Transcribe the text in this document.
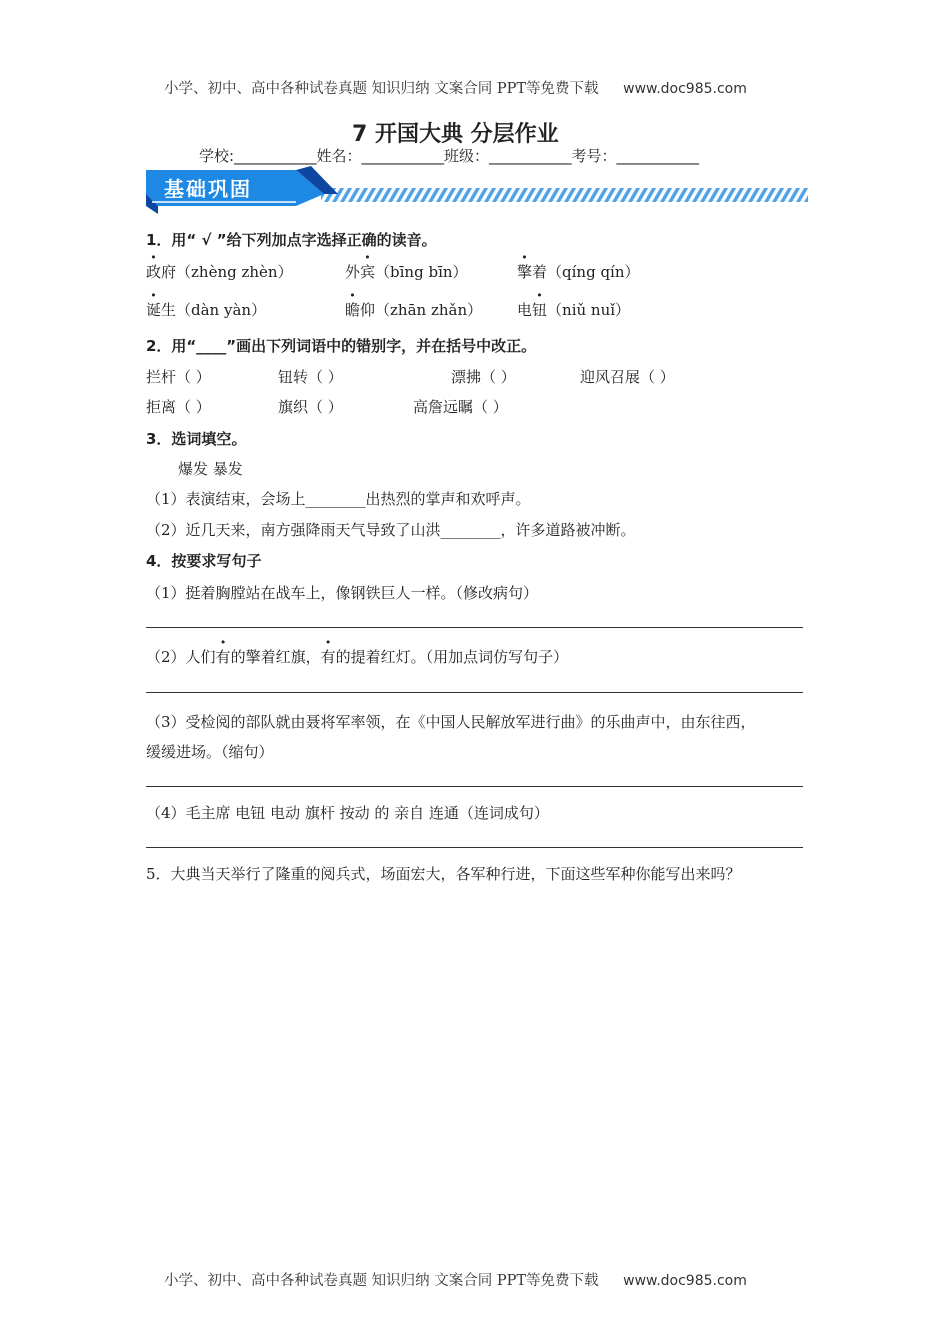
小学、初中、高中各种试卷真题 知识归纳 文案合同 PPT等免费下载 www.doc985.com
7 开国大典 分层作业
学校:___________姓名：___________班级：___________考号：___________
基础巩固
1．用“ √ ”给下列加点字选择正确的读音。
政府（zhèng zhèn）	外宾（bīng bīn）	擎着（qíng qín）
诞生（dàn yàn）	瞻仰（zhān zhǎn） 电钮（niǔ nuǐ）
2．用“____”画出下列词语中的错别字，并在括号中改正。
拦杆（ ）	钮转（ ）	漂拂（ ）	迎风召展（ ）
拒离（ ）	旗织（ ）	高詹远瞩（ ）
3．选词填空。
爆发 暴发
（1）表演结束，会场上________出热烈的掌声和欢呼声。
（2）近几天来，南方强降雨天气导致了山洪________，许多道路被冲断。
4．按要求写句子
（1）挺着胸膛站在战车上，像钢铁巨人一样。（修改病句）
（2）人们有的擎着红旗，有的提着红灯。（用加点词仿写句子）
（3）受检阅的部队就由聂将军率领，在《中国人民解放军进行曲》的乐曲声中，由东往西，
缓缓进场。（缩句）
（4）毛主席 电钮 电动 旗杆 按动 的 亲自 连通（连词成句）
5．大典当天举行了隆重的阅兵式，场面宏大，各军种行进，下面这些军种你能写出来吗？
小学、初中、高中各种试卷真题 知识归纳 文案合同 PPT等免费下载 www.doc985.com
